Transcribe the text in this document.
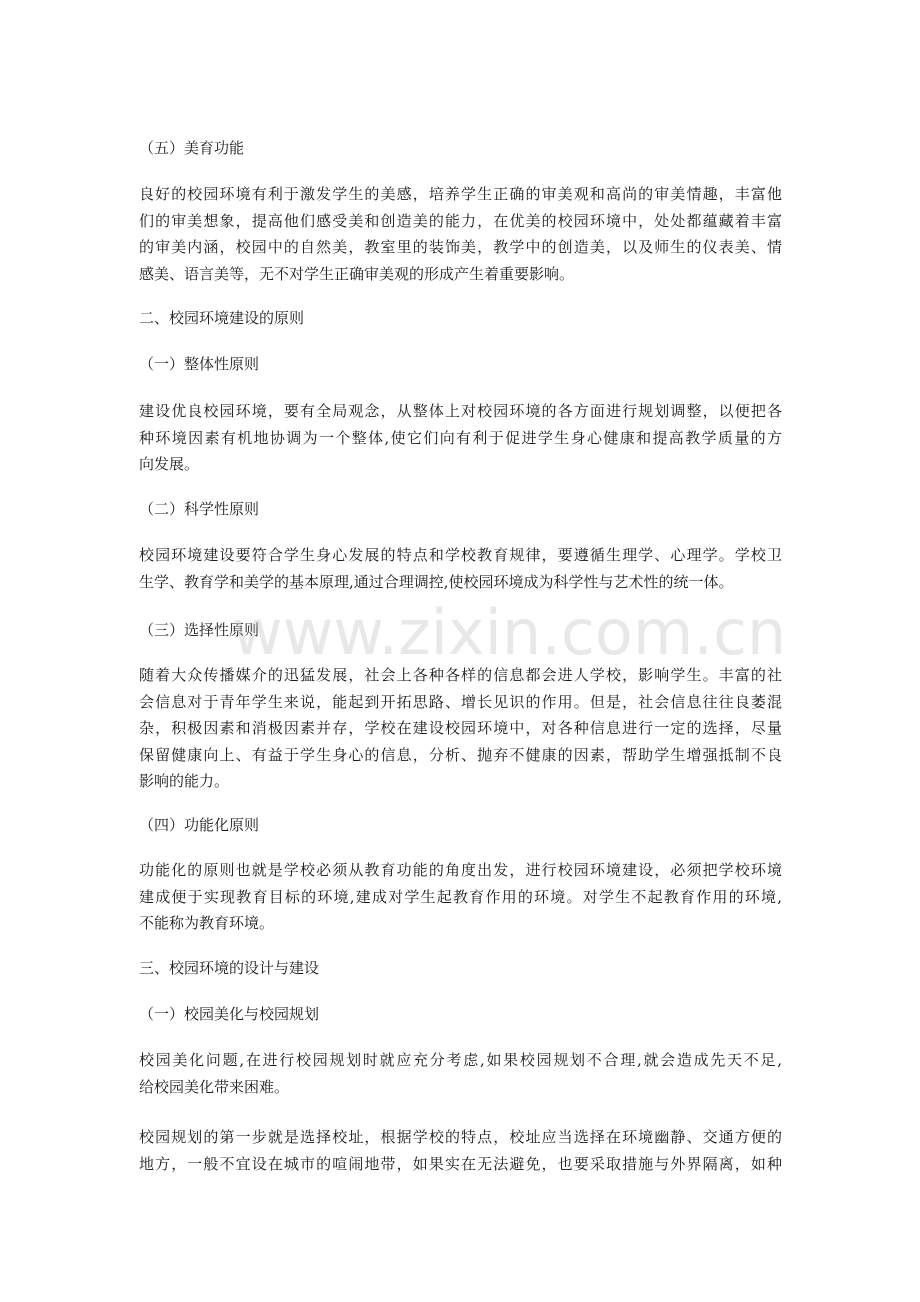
（五）美育功能

良好的校园环境有利于激发学生的美感，培养学生正确的审美观和高尚的审美情趣，丰富他
们的审美想象，提高他们感受美和创造美的能力，在优美的校园环境中，处处都蕴藏着丰富
的审美内涵，校园中的自然美，教室里的装饰美，教学中的创造美，以及师生的仪表美、情
感美、语言美等，无不对学生正确审美观的形成产生着重要影响。

二、校园环境建设的原则

（一）整体性原则

建设优良校园环境，要有全局观念，从整体上对校园环境的各方面进行规划调整，以便把各
种环境因素有机地协调为一个整体,使它们向有利于促进学生身心健康和提高教学质量的方
向发展。

（二）科学性原则

校园环境建设要符合学生身心发展的特点和学校教育规律，要遵循生理学、心理学。学校卫
生学、教育学和美学的基本原理,通过合理调控,使校园环境成为科学性与艺术性的统一体。

（三）选择性原则

随着大众传播媒介的迅猛发展，社会上各种各样的信息都会进人学校，影响学生。丰富的社
会信息对于青年学生来说，能起到开拓思路、增长见识的作用。但是，社会信息往往良萎混
杂，积极因素和消极因素并存，学校在建设校园环境中，对各种信息进行一定的选择，尽量
保留健康向上、有益于学生身心的信息，分析、抛弃不健康的因素，帮助学生增强抵制不良
影响的能力。

（四）功能化原则

功能化的原则也就是学校必须从教育功能的角度出发，进行校园环境建设，必须把学校环境
建成便于实现教育目标的环境,建成对学生起教育作用的环境。对学生不起教育作用的环境,
不能称为教育环境。

三、校园环境的设计与建设

（一）校园美化与校园规划

校园美化问题,在进行校园规划时就应充分考虑,如果校园规划不合理,就会造成先天不足,
给校园美化带来困难。
校园规划的第一步就是选择校址，根据学校的特点，校址应当选择在环境幽静、交通方便的
地方，一般不宜设在城市的喧闹地带，如果实在无法避免，也要采取措施与外界隔离，如种
www.zixin.com.cn
